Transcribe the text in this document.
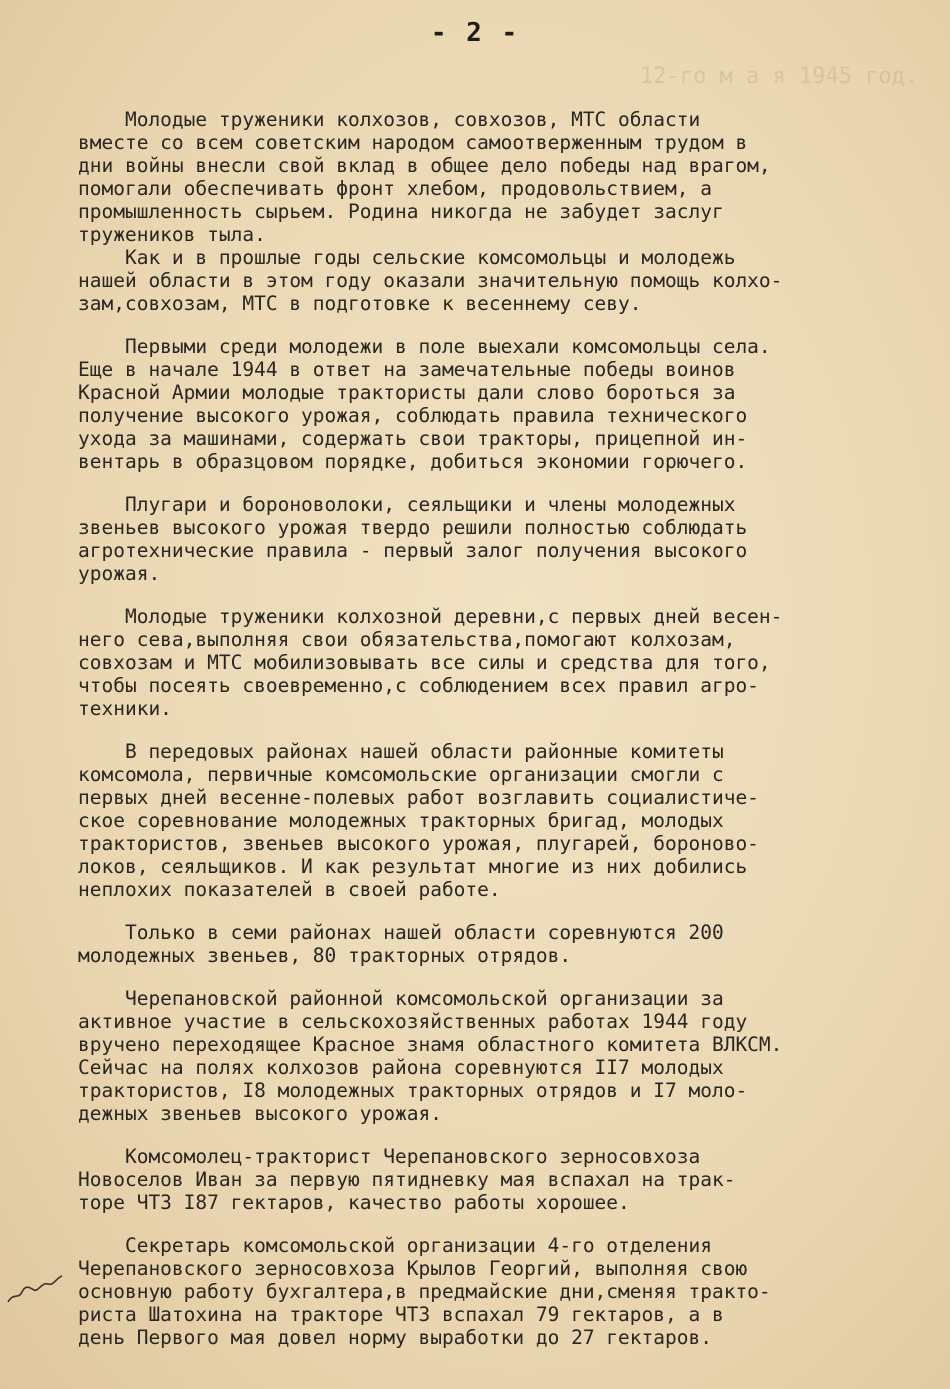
- 2 -
12-го м а я 1945 год.
Молодые труженики колхозов, совхозов, МТС области
вместе со всем советским народом самоотверженным трудом в
дни войны внесли свой вклад в общее дело победы над врагом,
помогали обеспечивать фронт хлебом, продовольствием, а
промышленность сырьем. Родина никогда не забудет заслуг
тружеников тыла.
Как и в прошлые годы сельские комсомольцы и молодежь
нашей области в этом году оказали значительную помощь колхо-
зам,совхозам, МТС в подготовке к весеннему севу.
Первыми среди молодежи в поле выехали комсомольцы села.
Еще в начале 1944 в ответ на замечательные победы воинов
Красной Армии молодые трактористы дали слово бороться за
получение высокого урожая, соблюдать правила технического
ухода за машинами, содержать свои тракторы, прицепной ин-
вентарь в образцовом порядке, добиться экономии горючего.
Плугари и бороноволоки, сеяльщики и члены молодежных
звеньев высокого урожая твердо решили полностью соблюдать
агротехнические правила - первый залог получения высокого
урожая.
Молодые труженики колхозной деревни,с первых дней весен-
него сева,выполняя свои обязательства,помогают колхозам,
совхозам и МТС мобилизовывать все силы и средства для того,
чтобы посеять своевременно,с соблюдением всех правил агро-
техники.
В передовых районах нашей области районные комитеты
комсомола, первичные комсомольские организации смогли с
первых дней весенне-полевых работ возглавить социалистиче-
ское соревнование молодежных тракторных бригад, молодых
трактористов, звеньев высокого урожая, плугарей, бороново-
локов, сеяльщиков. И как результат многие из них добились
неплохих показателей в своей работе.
Только в семи районах нашей области соревнуются 200
молодежных звеньев, 80 тракторных отрядов.
Черепановской районной комсомольской организации за
активное участие в сельскохозяйственных работах 1944 году
вручено переходящее Красное знамя областного комитета ВЛКСМ.
Сейчас на полях колхозов района соревнуются II7 молодых
трактористов, I8 молодежных тракторных отрядов и I7 моло-
дежных звеньев высокого урожая.
Комсомолец-тракторист Черепановского зерносовхоза
Новоселов Иван за первую пятидневку мая вспахал на трак-
торе ЧТЗ I87 гектаров, качество работы хорошее.
Секретарь комсомольской организации 4-го отделения
Черепановского зерносовхоза Крылов Георгий, выполняя свою
основную работу бухгалтера,в предмайские дни,сменяя тракто-
риста Шатохина на тракторе ЧТЗ вспахал 79 гектаров, а в
день Первого мая довел норму выработки до 27 гектаров.
